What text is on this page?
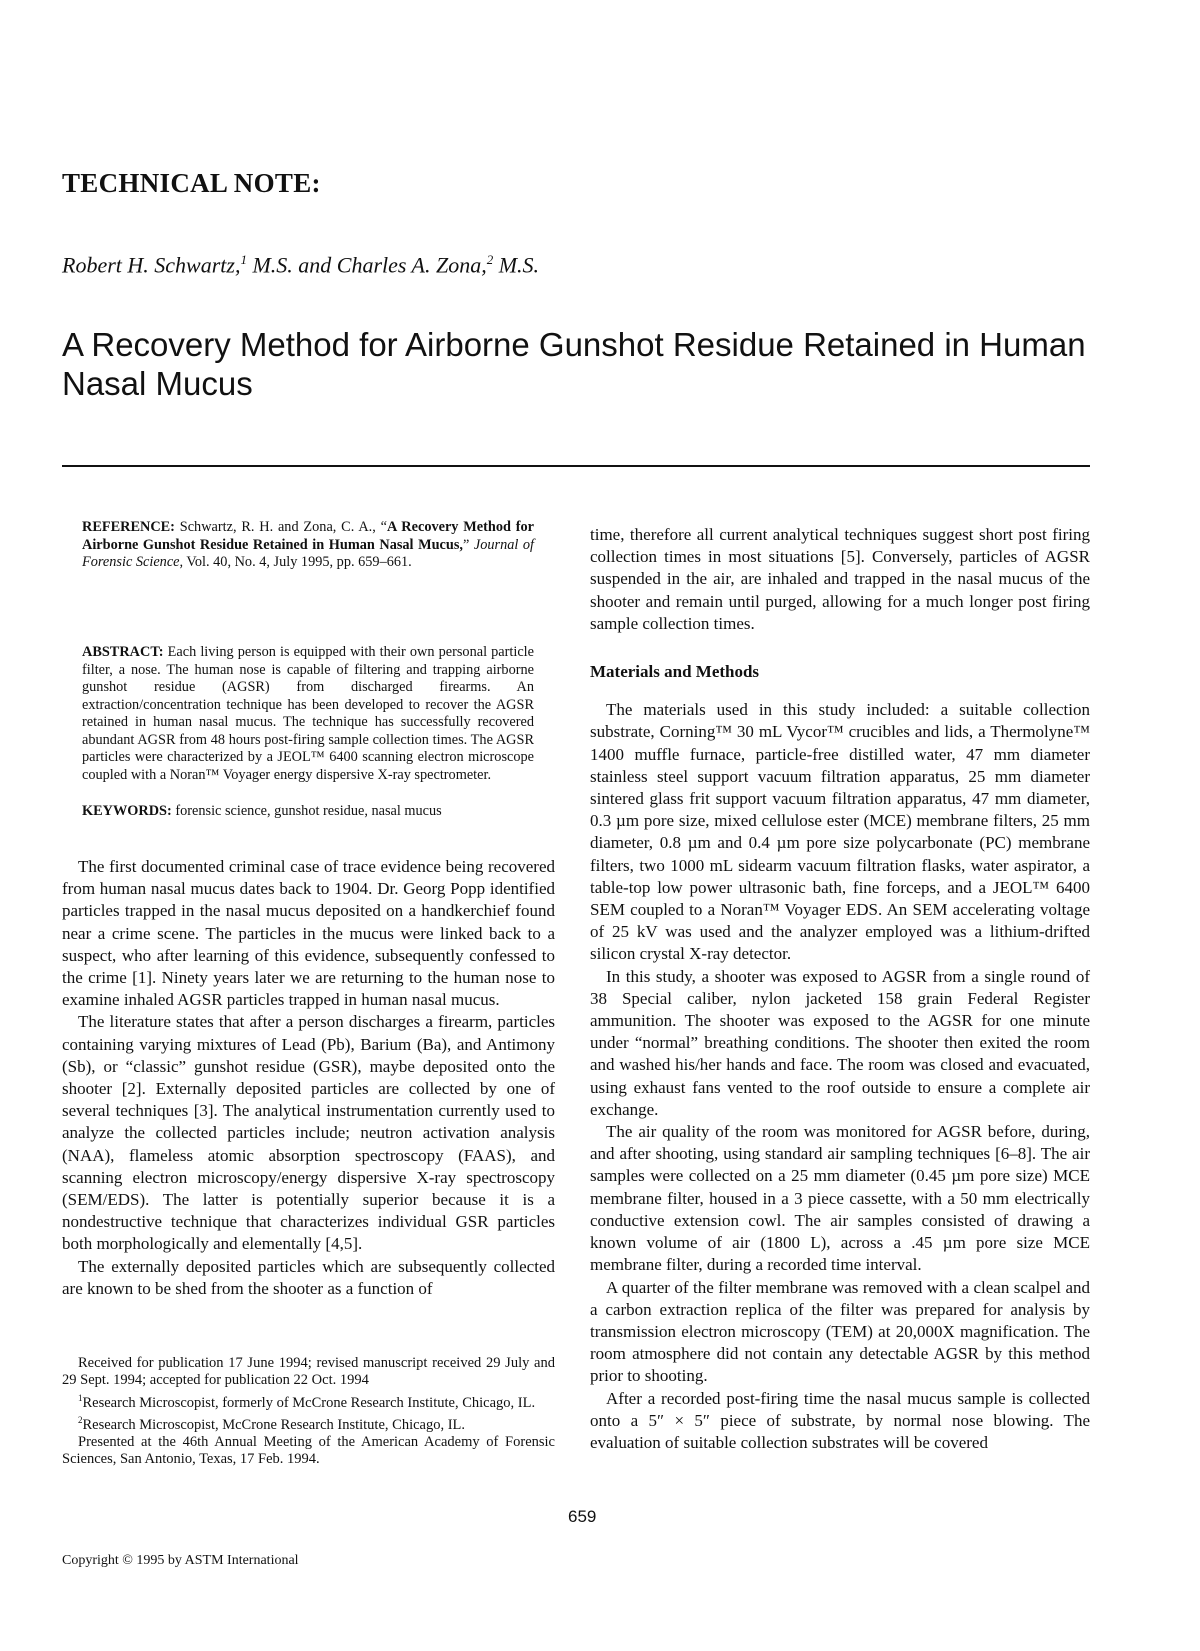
TECHNICAL NOTE:
Robert H. Schwartz,$^1$ M.S. and Charles A. Zona,$^2$ M.S.
A Recovery Method for Airborne Gunshot Residue Retained in Human Nasal Mucus
REFERENCE: Schwartz, R. H. and Zona, C. A., “A Recovery Method for Airborne Gunshot Residue Retained in Human Nasal Mucus,” Journal of Forensic Science, Vol. 40, No. 4, July 1995, pp. 659–661.
ABSTRACT: Each living person is equipped with their own personal particle filter, a nose. The human nose is capable of filtering and trapping airborne gunshot residue (AGSR) from discharged firearms. An extraction/concentration technique has been developed to recover the AGSR retained in human nasal mucus. The technique has successfully recovered abundant AGSR from 48 hours post-firing sample collection times. The AGSR particles were characterized by a JEOL™ 6400 scanning electron microscope coupled with a Noran™ Voyager energy dispersive X-ray spectrometer.
KEYWORDS: forensic science, gunshot residue, nasal mucus

The first documented criminal case of trace evidence being recovered from human nasal mucus dates back to 1904. Dr. Georg Popp identified particles trapped in the nasal mucus deposited on a handkerchief found near a crime scene. The particles in the mucus were linked back to a suspect, who after learning of this evidence, subsequently confessed to the crime [1]. Ninety years later we are returning to the human nose to examine inhaled AGSR particles trapped in human nasal mucus.

The literature states that after a person discharges a firearm, particles containing varying mixtures of Lead (Pb), Barium (Ba), and Antimony (Sb), or “classic” gunshot residue (GSR), maybe deposited onto the shooter [2]. Externally deposited particles are collected by one of several techniques [3]. The analytical instrumentation currently used to analyze the collected particles include; neutron activation analysis (NAA), flameless atomic absorption spectroscopy (FAAS), and scanning electron microscopy/energy dispersive X-ray spectroscopy (SEM/EDS). The latter is potentially superior because it is a nondestructive technique that characterizes individual GSR particles both morphologically and elementally [4,5].

The externally deposited particles which are subsequently collected are known to be shed from the shooter as a function of

time, therefore all current analytical techniques suggest short post firing collection times in most situations [5]. Conversely, particles of AGSR suspended in the air, are inhaled and trapped in the nasal mucus of the shooter and remain until purged, allowing for a much longer post firing sample collection times.

Materials and Methods

The materials used in this study included: a suitable collection substrate, Corning™ 30 mL Vycor™ crucibles and lids, a Thermolyne™ 1400 muffle furnace, particle-free distilled water, 47 mm diameter stainless steel support vacuum filtration apparatus, 25 mm diameter sintered glass frit support vacuum filtration apparatus, 47 mm diameter, 0.3 µm pore size, mixed cellulose ester (MCE) membrane filters, 25 mm diameter, 0.8 µm and 0.4 µm pore size polycarbonate (PC) membrane filters, two 1000 mL sidearm vacuum filtration flasks, water aspirator, a table-top low power ultrasonic bath, fine forceps, and a JEOL™ 6400 SEM coupled to a Noran™ Voyager EDS. An SEM accelerating voltage of 25 kV was used and the analyzer employed was a lithium-drifted silicon crystal X-ray detector.

In this study, a shooter was exposed to AGSR from a single round of 38 Special caliber, nylon jacketed 158 grain Federal Register ammunition. The shooter was exposed to the AGSR for one minute under “normal” breathing conditions. The shooter then exited the room and washed his/her hands and face. The room was closed and evacuated, using exhaust fans vented to the roof outside to ensure a complete air exchange.

The air quality of the room was monitored for AGSR before, during, and after shooting, using standard air sampling techniques [6–8]. The air samples were collected on a 25 mm diameter (0.45 µm pore size) MCE membrane filter, housed in a 3 piece cassette, with a 50 mm electrically conductive extension cowl. The air samples consisted of drawing a known volume of air (1800 L), across a .45 µm pore size MCE membrane filter, during a recorded time interval.

A quarter of the filter membrane was removed with a clean scalpel and a carbon extraction replica of the filter was prepared for analysis by transmission electron microscopy (TEM) at 20,000X magnification. The room atmosphere did not contain any detectable AGSR by this method prior to shooting.

After a recorded post-firing time the nasal mucus sample is collected onto a 5″ × 5″ piece of substrate, by normal nose blowing. The evaluation of suitable collection substrates will be covered

Received for publication 17 June 1994; revised manuscript received 29 July and 29 Sept. 1994; accepted for publication 22 Oct. 1994

$^1$Research Microscopist, formerly of McCrone Research Institute, Chicago, IL.

$^2$Research Microscopist, McCrone Research Institute, Chicago, IL.

Presented at the 46th Annual Meeting of the American Academy of Forensic Sciences, San Antonio, Texas, 17 Feb. 1994.

659
Copyright © 1995 by ASTM International
